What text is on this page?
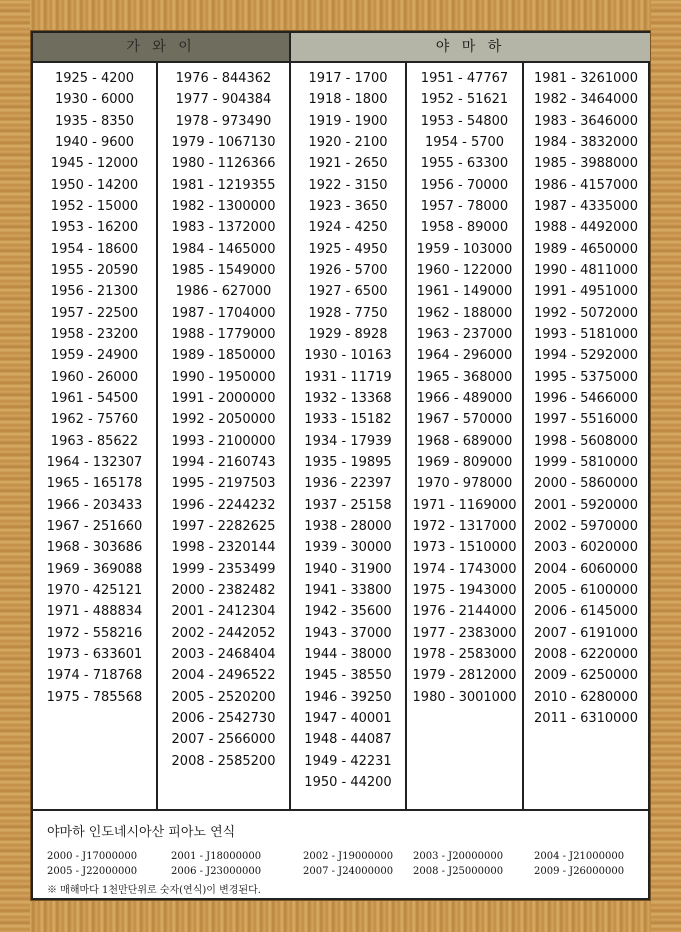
가 와 이	야 마 하
1925 - 4200
1930 - 6000
1935 - 8350
1940 - 9600
1945 - 12000
1950 - 14200
1952 - 15000
1953 - 16200
1954 - 18600
1955 - 20590
1956 - 21300
1957 - 22500
1958 - 23200
1959 - 24900
1960 - 26000
1961 - 54500
1962 - 75760
1963 - 85622
1964 - 132307
1965 - 165178
1966 - 203433
1967 - 251660
1968 - 303686
1969 - 369088
1970 - 425121
1971 - 488834
1972 - 558216
1973 - 633601
1974 - 718768
1975 - 785568
1976 - 844362
1977 - 904384
1978 - 973490
1979 - 1067130
1980 - 1126366
1981 - 1219355
1982 - 1300000
1983 - 1372000
1984 - 1465000
1985 - 1549000
1986 - 627000
1987 - 1704000
1988 - 1779000
1989 - 1850000
1990 - 1950000
1991 - 2000000
1992 - 2050000
1993 - 2100000
1994 - 2160743
1995 - 2197503
1996 - 2244232
1997 - 2282625
1998 - 2320144
1999 - 2353499
2000 - 2382482
2001 - 2412304
2002 - 2442052
2003 - 2468404
2004 - 2496522
2005 - 2520200
2006 - 2542730
2007 - 2566000
2008 - 2585200
1917 - 1700
1918 - 1800
1919 - 1900
1920 - 2100
1921 - 2650
1922 - 3150
1923 - 3650
1924 - 4250
1925 - 4950
1926 - 5700
1927 - 6500
1928 - 7750
1929 - 8928
1930 - 10163
1931 - 11719
1932 - 13368
1933 - 15182
1934 - 17939
1935 - 19895
1936 - 22397
1937 - 25158
1938 - 28000
1939 - 30000
1940 - 31900
1941 - 33800
1942 - 35600
1943 - 37000
1944 - 38000
1945 - 38550
1946 - 39250
1947 - 40001
1948 - 44087
1949 - 42231
1950 - 44200
1951 - 47767
1952 - 51621
1953 - 54800
1954 - 5700
1955 - 63300
1956 - 70000
1957 - 78000
1958 - 89000
1959 - 103000
1960 - 122000
1961 - 149000
1962 - 188000
1963 - 237000
1964 - 296000
1965 - 368000
1966 - 489000
1967 - 570000
1968 - 689000
1969 - 809000
1970 - 978000
1971 - 1169000
1972 - 1317000
1973 - 1510000
1974 - 1743000
1975 - 1943000
1976 - 2144000
1977 - 2383000
1978 - 2583000
1979 - 2812000
1980 - 3001000
1981 - 3261000
1982 - 3464000
1983 - 3646000
1984 - 3832000
1985 - 3988000
1986 - 4157000
1987 - 4335000
1988 - 4492000
1989 - 4650000
1990 - 4811000
1991 - 4951000
1992 - 5072000
1993 - 5181000
1994 - 5292000
1995 - 5375000
1996 - 5466000
1997 - 5516000
1998 - 5608000
1999 - 5810000
2000 - 5860000
2001 - 5920000
2002 - 5970000
2003 - 6020000
2004 - 6060000
2005 - 6100000
2006 - 6145000
2007 - 6191000
2008 - 6220000
2009 - 6250000
2010 - 6280000
2011 - 6310000
야마하 인도네시아산 피아노 연식
2000 - J17000000	2001 - J18000000	2002 - J19000000 2003 - J20000000	2004 - J21000000
2005 - J22000000	2006 - J23000000	2007 - J24000000 2008 - J25000000	2009 - J26000000
※ 매해마다 1천만단위로 숫자(연식)이 변경된다.
